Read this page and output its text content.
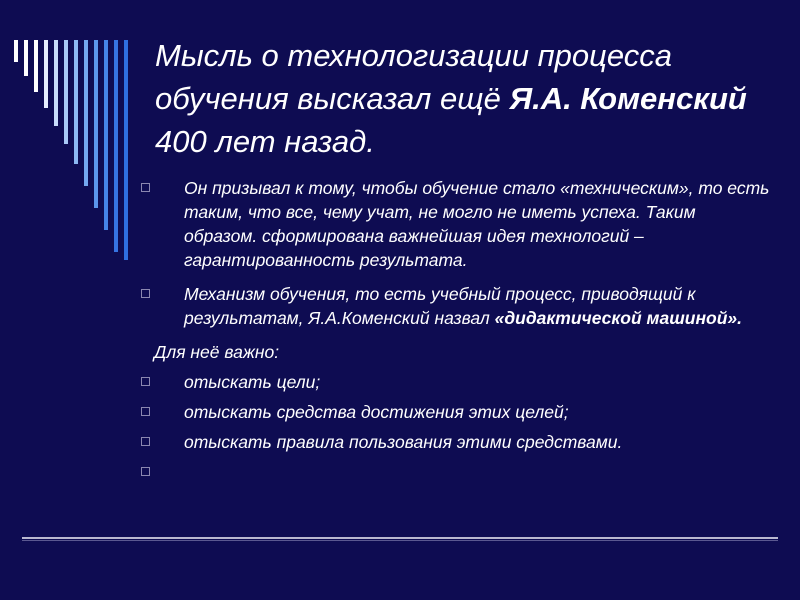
Мысль о технологизации процесса обучения высказал ещё Я.А. Коменский 400 лет назад.
Он призывал к тому, чтобы обучение стало «техническим», то есть таким, что все, чему учат, не могло не иметь успеха. Таким образом. сформирована важнейшая идея технологий – гарантированность результата.
Механизм обучения, то есть учебный процесс, приводящий к результатам, Я.А.Коменский назвал «дидактической машиной».
Для неё важно:
отыскать цели;
отыскать средства достижения этих целей;
отыскать правила пользования этими средствами.
